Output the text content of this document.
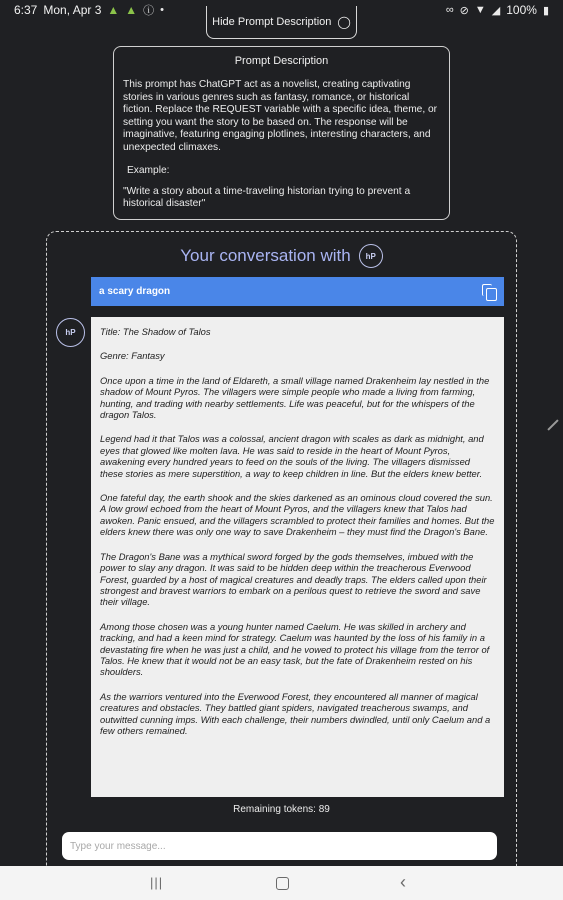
6:37 Mon, Apr 3 ▲ ▲ ⓘ •	∞ ⊘ ▼ ◢ 100% ▮
Hide Prompt Description ◯
Prompt Description
This prompt has ChatGPT act as a novelist, creating captivating stories in various genres such as fantasy, romance, or historical fiction. Replace the REQUEST variable with a specific idea, theme, or setting you want the story to be based on. The response will be imaginative, featuring engaging plotlines, interesting characters, and unexpected climaxes.
Example:
"Write a story about a time-traveling historian trying to prevent a historical disaster"
Your conversation with	hP
a scary dragon
hP	Title: The Shadow of Talos

Genre: Fantasy

Once upon a time in the land of Eldareth, a small village named Drakenheim lay nestled in the shadow of Mount Pyros. The villagers were simple people who made a living from farming, hunting, and trading with nearby settlements. Life was peaceful, but for the whispers of the dragon Talos.

Legend had it that Talos was a colossal, ancient dragon with scales as dark as midnight, and eyes that glowed like molten lava. He was said to reside in the heart of Mount Pyros, awakening every hundred years to feed on the souls of the living. The villagers dismissed these stories as mere superstition, a way to keep children in line. But the elders knew better.

One fateful day, the earth shook and the skies darkened as an ominous cloud covered the sun. A low growl echoed from the heart of Mount Pyros, and the villagers knew that Talos had awoken. Panic ensued, and the villagers scrambled to protect their families and homes. But the elders knew there was only one way to save Drakenheim – they must find the Dragon's Bane.

The Dragon's Bane was a mythical sword forged by the gods themselves, imbued with the power to slay any dragon. It was said to be hidden deep within the treacherous Everwood Forest, guarded by a host of magical creatures and deadly traps. The elders called upon their strongest and bravest warriors to embark on a perilous quest to retrieve the sword and save their village.

Among those chosen was a young hunter named Caelum. He was skilled in archery and tracking, and had a keen mind for strategy. Caelum was haunted by the loss of his family in a devastating fire when he was just a child, and he vowed to protect his village from the terror of Talos. He knew that it would not be an easy task, but the fate of Drakenheim rested on his shoulders.

As the warriors ventured into the Everwood Forest, they encountered all manner of magical creatures and obstacles. They battled giant spiders, navigated treacherous swamps, and outwitted cunning imps. With each challenge, their numbers dwindled, until only Caelum and a few others remained.

Remaining tokens: 89
Type your message...
|||	‹
